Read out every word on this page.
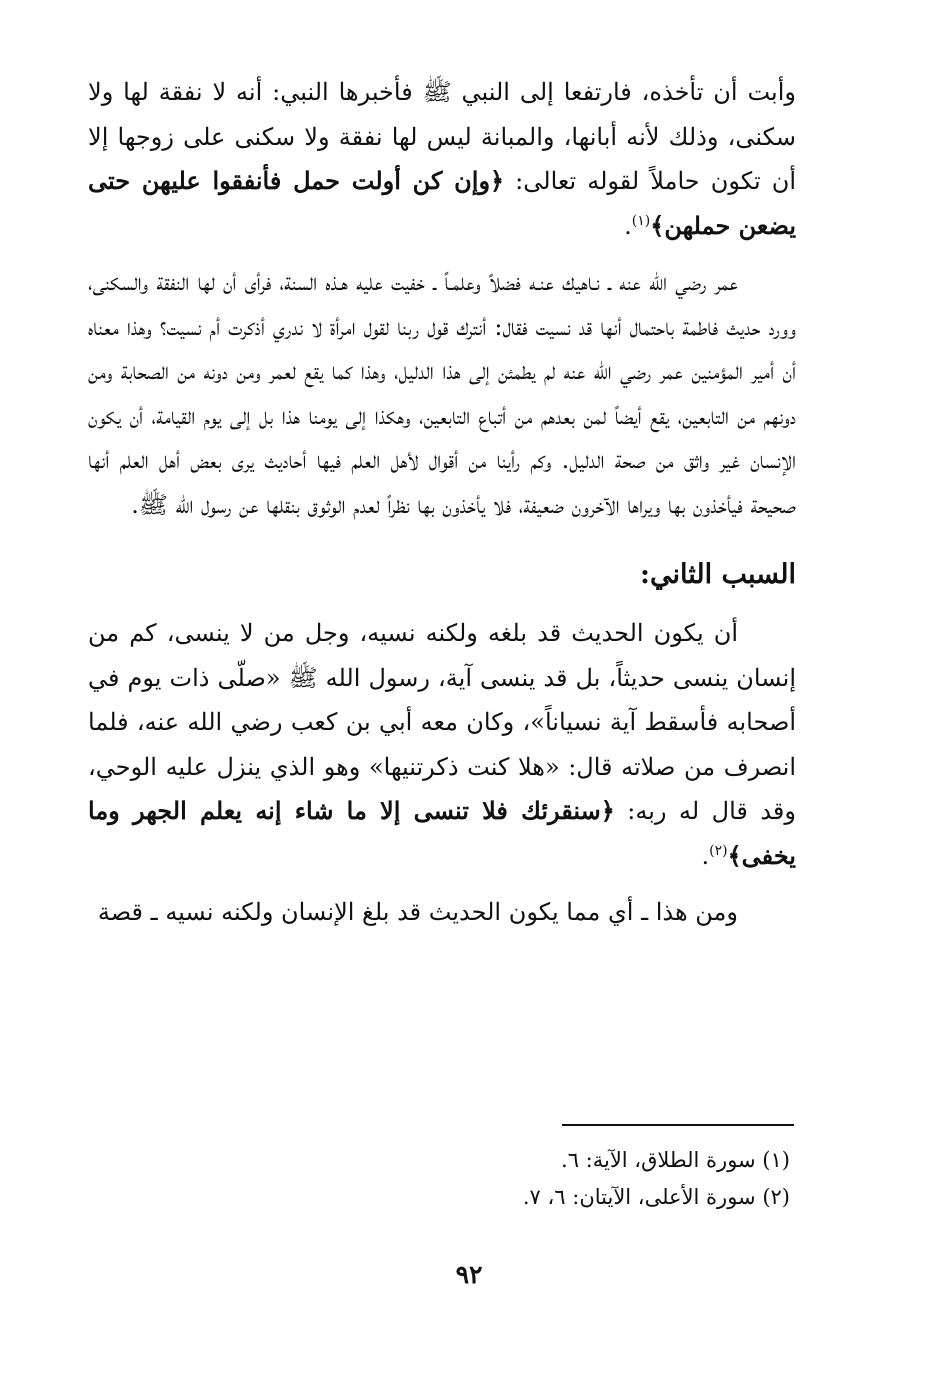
وأبت أن تأخذه، فارتفعا إلى النبي ﷺ فأخبرها النبي: أنه لا نفقة لها ولا سكنى، وذلك لأنه أبانها، والمبانة ليس لها نفقة ولا سكنى على زوجها إلا أن تكون حاملاً لقوله تعالى: ﴿وإن كن أولت حمل فأنفقوا عليهن حتى يضعن حملهن﴾$^{(١)}$.

عمر رضي الله عنه ـ نـاهيك عنـه فضلاً وعلمـاً ـ خفيت عليه هـذه السنة، فرأى أن لها النفقة والسكنى، وورد حديث فاطمة باحتمال أنها قد نسيت فقال: أنترك قول ربنا لقول امرأة لا ندري أذكرت أم نسيت؟ وهذا معناه أن أمير المؤمنين عمر رضي الله عنه لم يطمئن إلى هذا الدليل، وهذا كما يقع لعمر ومن دونه من الصحابة ومن دونهم من التابعين، يقع أيضاً لمن بعدهم من أتباع التابعين، وهكذا إلى يومنا هذا بل إلى يوم القيامة، أن يكون الإنسان غير واثق من صحة الدليل. وكم رأينا من أقوال لأهل العلم فيها أحاديث يرى بعض أهل العلم أنها صحيحة فيأخذون بها ويراها الآخرون ضعيفة، فلا يأخذون بها نظراً لعدم الوثوق بنقلها عن رسول الله ﷺ.

السبب الثاني:

أن يكون الحديث قد بلغه ولكنه نسيه، وجل من لا ينسى، كم من إنسان ينسى حديثاً، بل قد ينسى آية، رسول الله ﷺ «صلّى ذات يوم في أصحابه فأسقط آية نسياناً»، وكان معه أبي بن كعب رضي الله عنه، فلما انصرف من صلاته قال: «هلا كنت ذكرتنيها» وهو الذي ينزل عليه الوحي، وقد قال له ربه: ﴿سنقرئك فلا تنسى إلا ما شاء إنه يعلم الجهر وما يخفى﴾$^{(٢)}$.

ومن هذا ـ أي مما يكون الحديث قد بلغ الإنسان ولكنه نسيه ـ قصة

(١) سورة الطلاق، الآية: ٦.

(٢) سورة الأعلى، الآيتان: ٦، ٧.

٩٢
